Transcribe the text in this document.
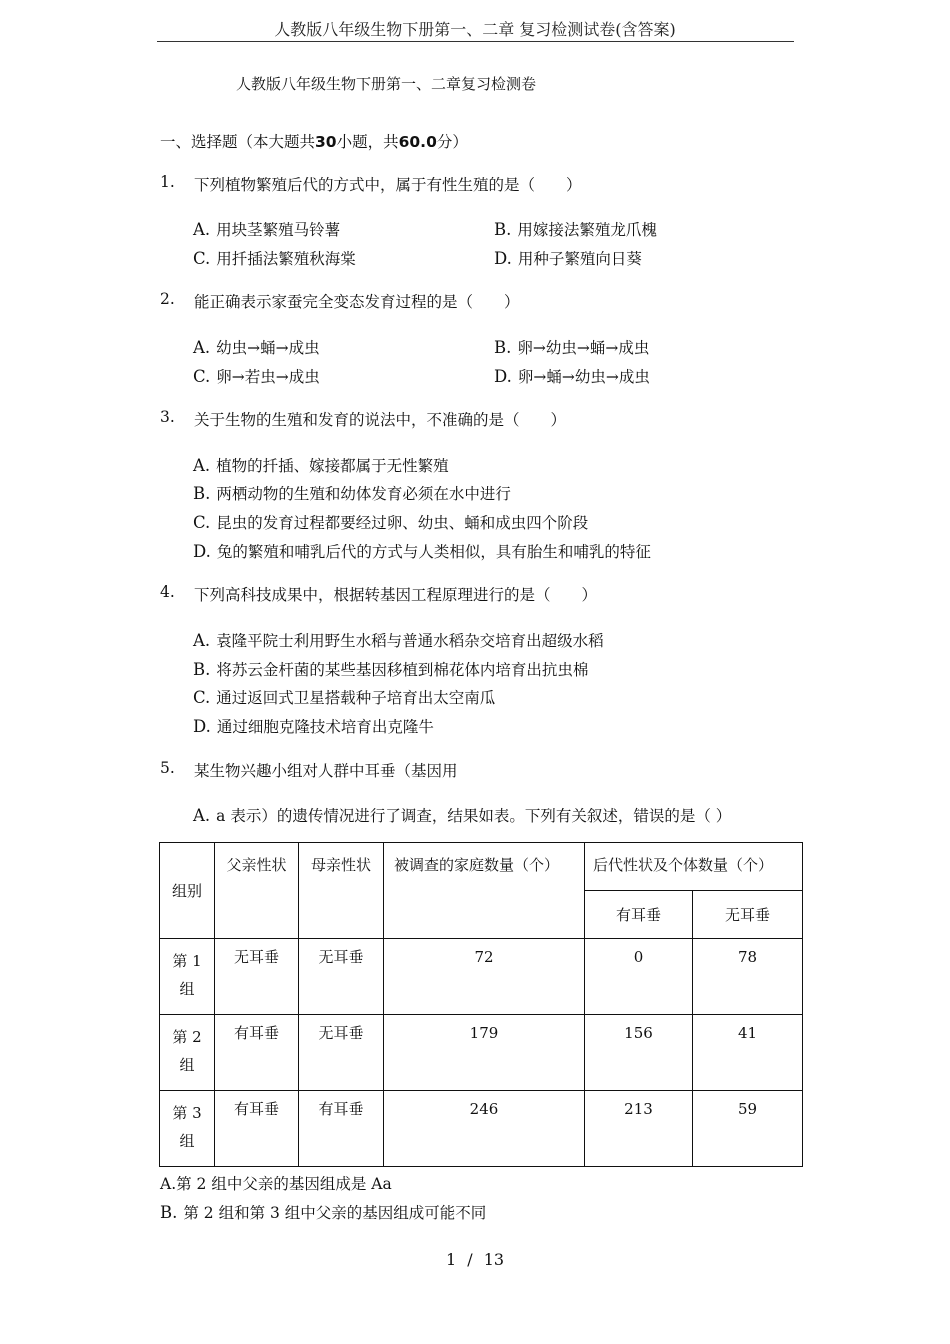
人教版八年级生物下册第一、二章 复习检测试卷(含答案)
人教版八年级生物下册第一、二章复习检测卷
一、选择题（本大题共30小题，共60.0分）
1. 下列植物繁殖后代的方式中，属于有性生殖的是（　　）
A. 用块茎繁殖马铃薯	B. 用嫁接法繁殖龙爪槐
C. 用扦插法繁殖秋海棠	D. 用种子繁殖向日葵
2. 能正确表示家蚕完全变态发育过程的是（　　）
A. 幼虫→蛹→成虫	B. 卵→幼虫→蛹→成虫
C. 卵→若虫→成虫	D. 卵→蛹→幼虫→成虫
3. 关于生物的生殖和发育的说法中，不准确的是（　　）
A. 植物的扦插、嫁接都属于无性繁殖
B. 两栖动物的生殖和幼体发育必须在水中进行
C. 昆虫的发育过程都要经过卵、幼虫、蛹和成虫四个阶段
D. 兔的繁殖和哺乳后代的方式与人类相似，具有胎生和哺乳的特征
4. 下列高科技成果中，根据转基因工程原理进行的是（　　）
A. 袁隆平院士利用野生水稻与普通水稻杂交培育出超级水稻
B. 将苏云金杆菌的某些基因移植到棉花体内培育出抗虫棉
C. 通过返回式卫星搭载种子培育出太空南瓜
D. 通过细胞克隆技术培育出克隆牛
5. 某生物兴趣小组对人群中耳垂（基因用
A. a 表示）的遗传情况进行了调查，结果如表。下列有关叙述，错误的是（ ）
组别	父亲性状	母亲性状	被调查的家庭数量（个）	后代性状及个体数量（个）	
				有耳垂	无耳垂
第 1 组	无耳垂	无耳垂	72	0	78
第 2 组	有耳垂	无耳垂	179	156	41
第 3 组	有耳垂	有耳垂	246	213	59
A.第 2 组中父亲的基因组成是 Aa
B. 第 2 组和第 3 组中父亲的基因组成可能不同
1 / 13
